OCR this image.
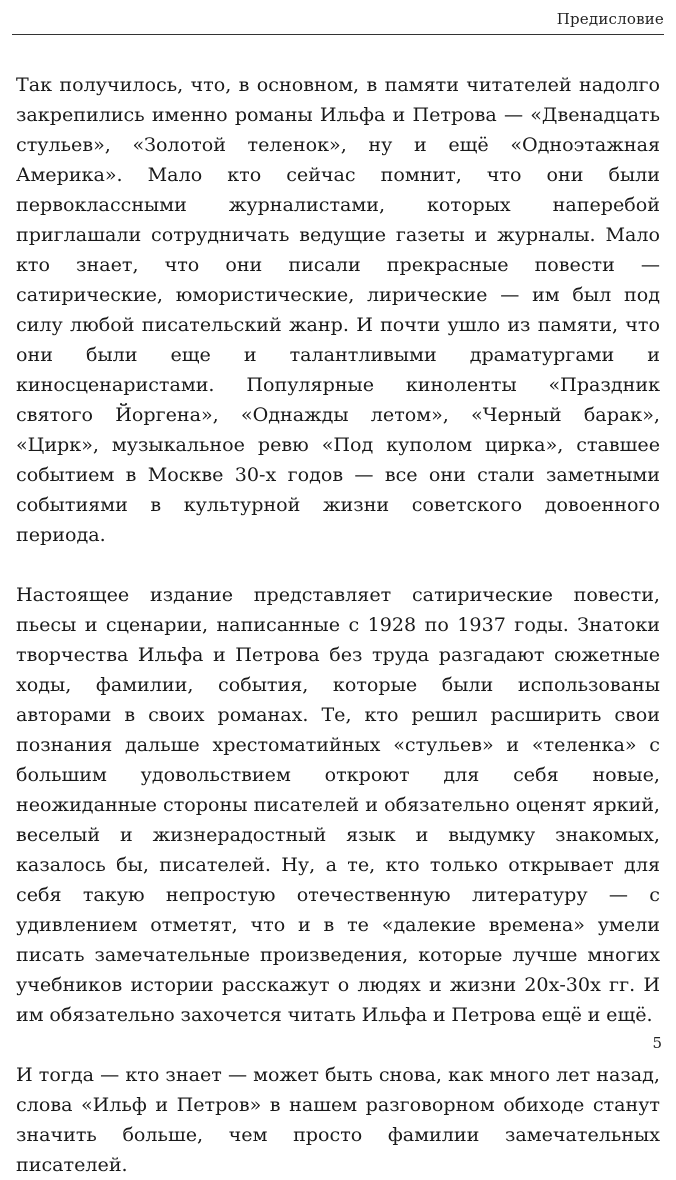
Предисловие

Так получилось, что, в основном, в памяти читателей надолго закрепились именно романы Ильфа и Петрова — «Двенадцать стульев», «Золотой теленок», ну и ещё «Одноэтажная Америка». Мало кто сейчас помнит, что они были первоклассными журналистами, которых наперебой приглашали сотрудничать ведущие газеты и журналы. Мало кто знает, что они писали прекрасные повести — сатирические, юмористические, лирические — им был под силу любой писательский жанр. И почти ушло из памяти, что они были еще и талантливыми драматургами и киносценаристами. Популярные киноленты «Праздник святого Йоргена», «Однажды летом», «Черный барак», «Цирк», музыкальное ревю «Под куполом цирка», ставшее событием в Москве 30-х годов — все они стали заметными событиями в культурной жизни советского довоенного периода.

Настоящее издание представляет сатирические повести, пьесы и сценарии, написанные с 1928 по 1937 годы. Знатоки творчества Ильфа и Петрова без труда разгадают сюжетные ходы, фамилии, события, которые были использованы авторами в своих романах. Те, кто решил расширить свои познания дальше хрестоматийных «стульев» и «теленка» с большим удовольствием откроют для себя новые, неожиданные стороны писателей и обязательно оценят яркий, веселый и жизнерадостный язык и выдумку знакомых, казалось бы, писателей. Ну, а те, кто только открывает для себя такую непростую отечественную литературу — с удивлением отметят, что и в те «далекие времена» умели писать замечательные произведения, которые лучше многих учебников истории расскажут о людях и жизни 20х-30х гг. И им обязательно захочется читать Ильфа и Петрова ещё и ещё.

И тогда — кто знает — может быть снова, как много лет назад, слова «Ильф и Петров» в нашем разговорном обиходе станут значить больше, чем просто фамилии замечательных писателей.

5
